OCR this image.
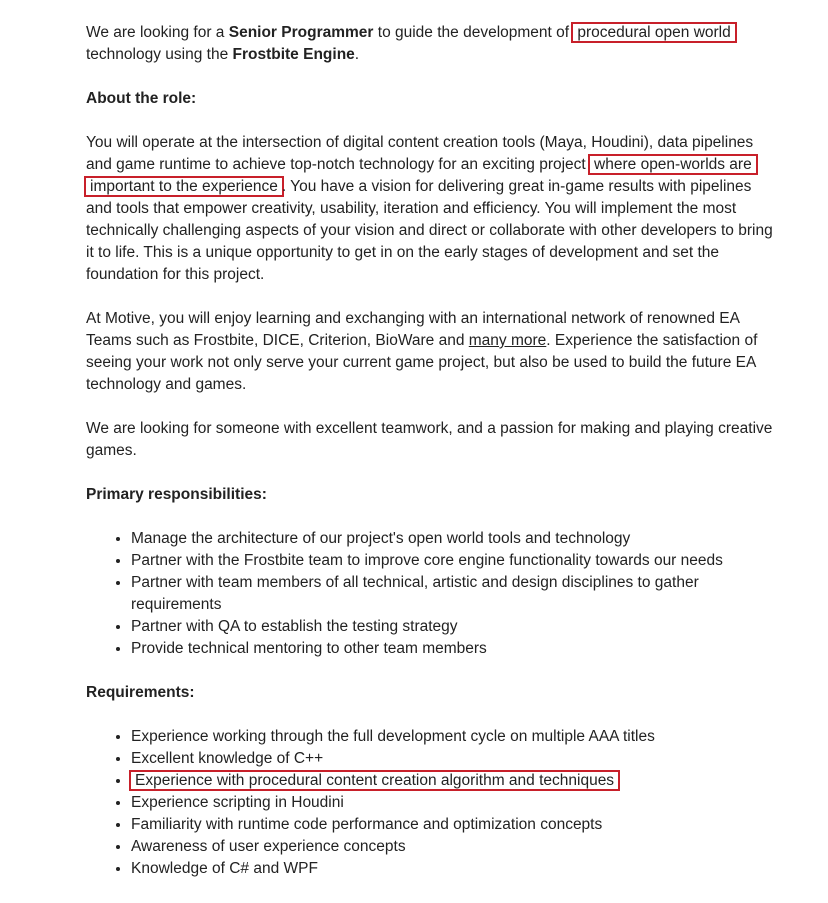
We are looking for a Senior Programmer to guide the development of procedural open world technology using the Frostbite Engine.

About the role:

You will operate at the intersection of digital content creation tools (Maya, Houdini), data pipelines and game runtime to achieve top-notch technology for an exciting project where open-worlds are important to the experience . You have a vision for delivering great in-game results with pipelines and tools that empower creativity, usability, iteration and efficiency. You will implement the most technically challenging aspects of your vision and direct or collaborate with other developers to bring it to life. This is a unique opportunity to get in on the early stages of development and set the foundation for this project.

At Motive, you will enjoy learning and exchanging with an international network of renowned EA Teams such as Frostbite, DICE, Criterion, BioWare and many more. Experience the satisfaction of seeing your work not only serve your current game project, but also be used to build the future EA technology and games.

We are looking for someone with excellent teamwork, and a passion for making and playing creative games.

Primary responsibilities:
• Manage the architecture of our project's open world tools and technology
• Partner with the Frostbite team to improve core engine functionality towards our needs
• Partner with team members of all technical, artistic and design disciplines to gather requirements
• Partner with QA to establish the testing strategy
• Provide technical mentoring to other team members
Requirements:
• Experience working through the full development cycle on multiple AAA titles
• Excellent knowledge of C++
• Experience with procedural content creation algorithm and techniques
• Experience scripting in Houdini
• Familiarity with runtime code performance and optimization concepts
• Awareness of user experience concepts
• Knowledge of C# and WPF
